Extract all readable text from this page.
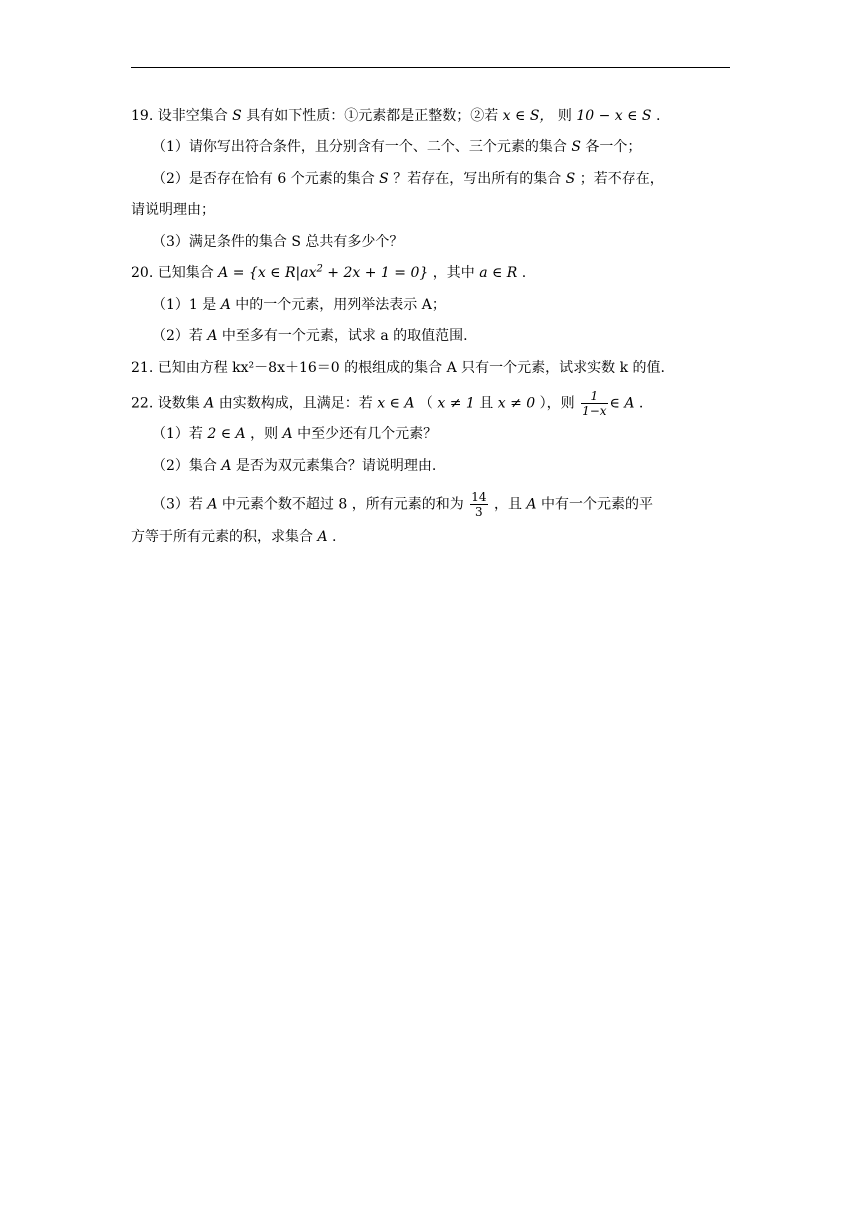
19. 设非空集合 S 具有如下性质：①元素都是正整数；②若 x ∈ S， 则 10 − x ∈ S .
（1）请你写出符合条件，且分别含有一个、二个、三个元素的集合 S 各一个；
（2）是否存在恰有 6 个元素的集合 S ？若存在，写出所有的集合 S ；若不存在，
请说明理由；
（3）满足条件的集合 S 总共有多少个？
20. 已知集合 A = {x ∈ $R|ax^2 + 2x + 1 = 0$} ，其中 a ∈ R .
（1）1 是 A 中的一个元素，用列举法表示 A；
（2）若 A 中至多有一个元素，试求 a 的取值范围.
21. 已知由方程 kx²－8x＋16＝0 的根组成的集合 A 只有一个元素，试求实数 k 的值.
22. 设数集 A 由实数构成，且满足：若 x ∈ A （ x ≠ 1 且 x ≠ 0 ），则 $\frac{1}{1-x}$ ∈ A .
（1）若 2 ∈ A ，则 A 中至少还有几个元素？
（2）集合 A 是否为双元素集合？请说明理由.
（3）若 A 中元素个数不超过 8 ，所有元素的和为 $\frac{14}{3}$ ，且 A 中有一个元素的平
方等于所有元素的积，求集合 A .
